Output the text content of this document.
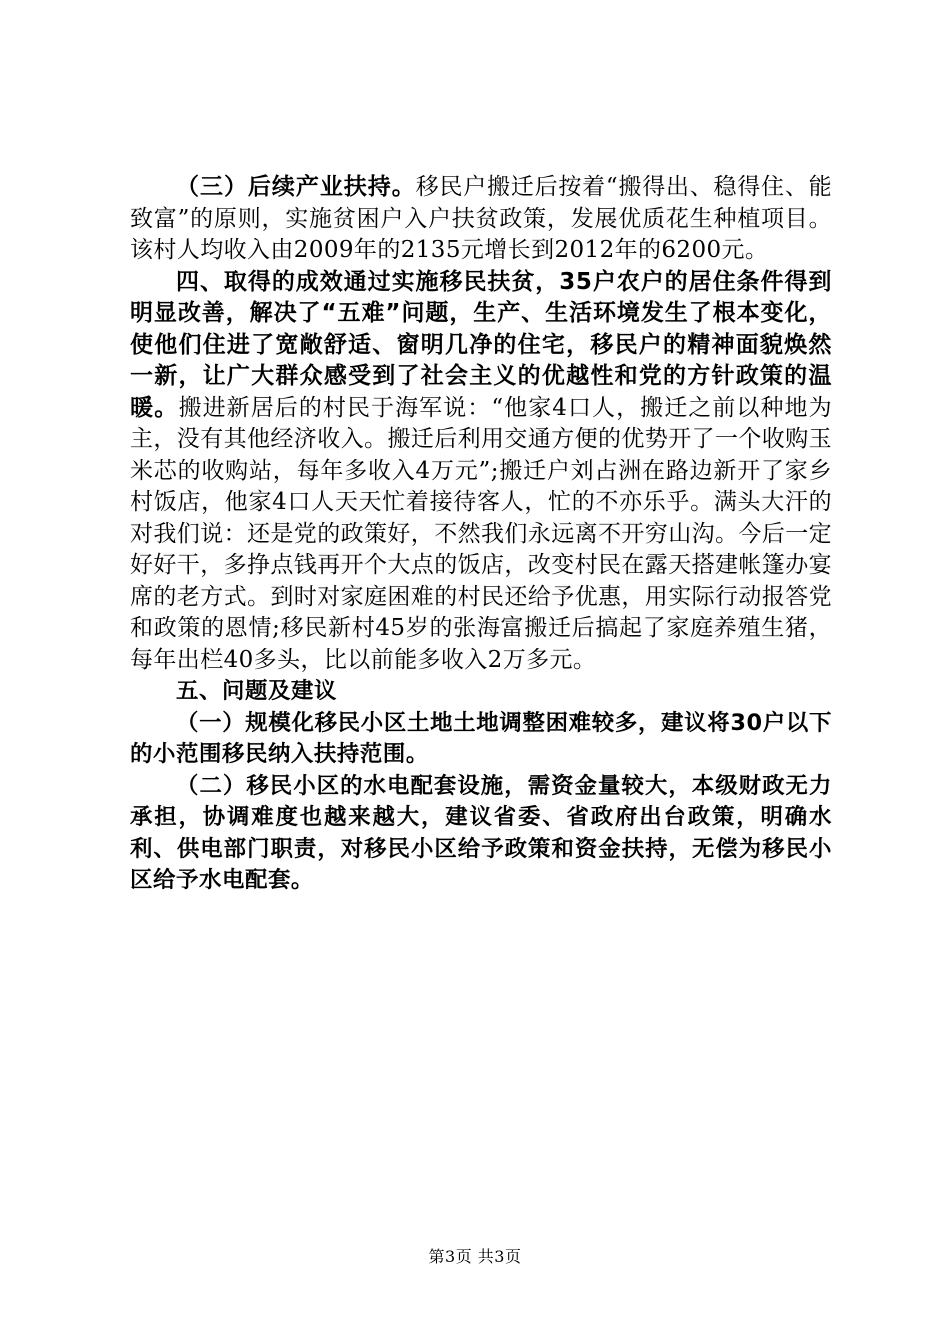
（三）后续产业扶持。移民户搬迁后按着“搬得出、稳得住、能致富”的原则，实施贫困户入户扶贫政策，发展优质花生种植项目。该村人均收入由2009年的2135元增长到2012年的6200元。

四、取得的成效通过实施移民扶贫，35户农户的居住条件得到明显改善，解决了“五难”问题，生产、生活环境发生了根本变化，使他们住进了宽敞舒适、窗明几净的住宅，移民户的精神面貌焕然一新，让广大群众感受到了社会主义的优越性和党的方针政策的温暖。搬进新居后的村民于海军说：“他家4口人，搬迁之前以种地为主，没有其他经济收入。搬迁后利用交通方便的优势开了一个收购玉米芯的收购站，每年多收入4万元”;搬迁户刘占洲在路边新开了家乡村饭店，他家4口人天天忙着接待客人，忙的不亦乐乎。满头大汗的对我们说：还是党的政策好，不然我们永远离不开穷山沟。今后一定好好干，多挣点钱再开个大点的饭店，改变村民在露天搭建帐篷办宴席的老方式。到时对家庭困难的村民还给予优惠，用实际行动报答党和政策的恩情;移民新村45岁的张海富搬迁后搞起了家庭养殖生猪，每年出栏40多头，比以前能多收入2万多元。

五、问题及建议

（一）规模化移民小区土地土地调整困难较多，建议将30户以下的小范围移民纳入扶持范围。

（二）移民小区的水电配套设施，需资金量较大，本级财政无力承担，协调难度也越来越大，建议省委、省政府出台政策，明确水利、供电部门职责，对移民小区给予政策和资金扶持，无偿为移民小区给予水电配套。

第3页 共3页
